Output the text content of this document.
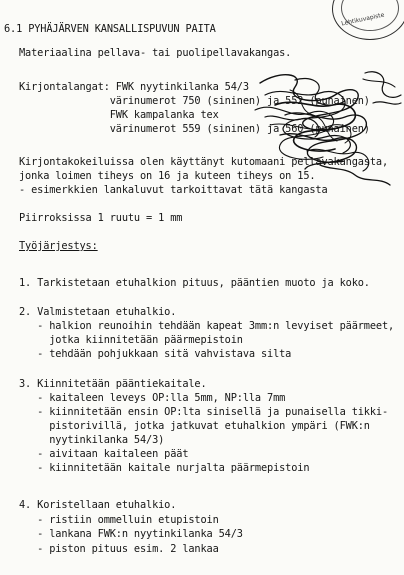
Lehtikuvapiste
6.1 PYHÄJÄRVEN KANSALLISPUVUN PAITA
Materiaalina pellava- tai puolipellavakangas.
Kirjontalangat: FWK nyytinkilanka 54/3
värinumerot 750 (sininen) ja 552 (punainen)
FWK kampalanka tex
värinumerot 559 (sininen) ja 560 (punainen)
Kirjontakokeiluissa olen käyttänyt kutomaani pellavakangasta,
jonka loimen tiheys on 16 ja kuteen tiheys on 15.
- esimerkkien lankaluvut tarkoittavat tätä kangasta
Piirroksissa 1 ruutu = 1 mm
Työjärjestys:
1. Tarkistetaan etuhalkion pituus, pääntien muoto ja koko.
2. Valmistetaan etuhalkio.
- halkion reunoihin tehdään kapeat 3mm:n levyiset päärmeet,
jotka kiinnitetään päärmepistoin
- tehdään pohjukkaan sitä vahvistava silta
3. Kiinnitetään pääntiekaitale.
- kaitaleen leveys OP:lla 5mm, NP:lla 7mm
- kiinnitetään ensin OP:lta sinisellä ja punaisella tikki-
pistorivillä, jotka jatkuvat etuhalkion ympäri (FWK:n
nyytinkilanka 54/3)
- aivitaan kaitaleen päät
- kiinnitetään kaitale nurjalta päärmepistoin
4. Koristellaan etuhalkio.
- ristiin ommelluin etupistoin
- lankana FWK:n nyytinkilanka 54/3
- piston pituus esim. 2 lankaa
